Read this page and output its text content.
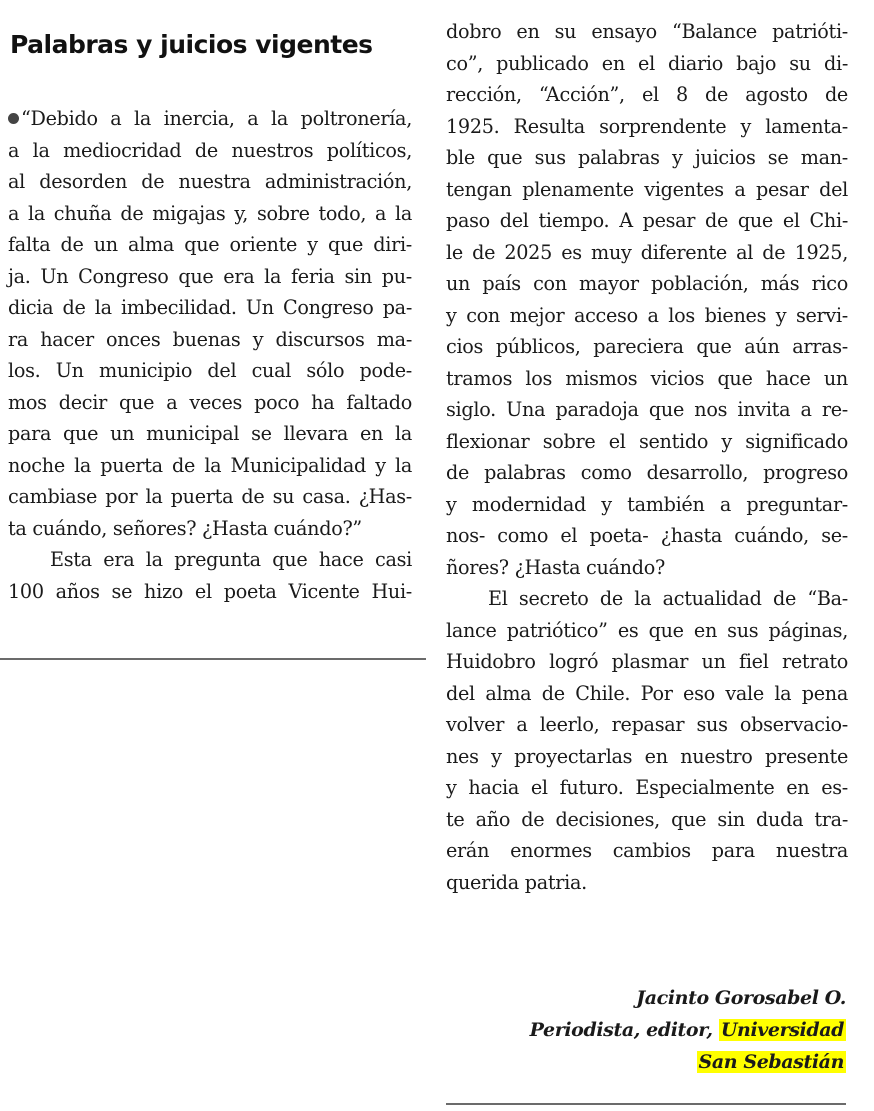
Palabras y juicios vigentes
“Debido a la inercia, a la poltronería,
a la mediocridad de nuestros políticos,
al desorden de nuestra administración,
a la chuña de migajas y, sobre todo, a la
falta de un alma que oriente y que diri-
ja. Un Congreso que era la feria sin pu-
dicia de la imbecilidad. Un Congreso pa-
ra hacer onces buenas y discursos ma-
los. Un municipio del cual sólo pode-
mos decir que a veces poco ha faltado
para que un municipal se llevara en la
noche la puerta de la Municipalidad y la
cambiase por la puerta de su casa. ¿Has-
ta cuándo, señores? ¿Hasta cuándo?”
Esta era la pregunta que hace casi
100 años se hizo el poeta Vicente Hui-
dobro en su ensayo “Balance patrióti-
co”, publicado en el diario bajo su di-
rección, “Acción”, el 8 de agosto de
1925. Resulta sorprendente y lamenta-
ble que sus palabras y juicios se man-
tengan plenamente vigentes a pesar del
paso del tiempo. A pesar de que el Chi-
le de 2025 es muy diferente al de 1925,
un país con mayor población, más rico
y con mejor acceso a los bienes y servi-
cios públicos, pareciera que aún arras-
tramos los mismos vicios que hace un
siglo. Una paradoja que nos invita a re-
flexionar sobre el sentido y significado
de palabras como desarrollo, progreso
y modernidad y también a preguntar-
nos- como el poeta- ¿hasta cuándo, se-
ñores? ¿Hasta cuándo?
El secreto de la actualidad de “Ba-
lance patriótico” es que en sus páginas,
Huidobro logró plasmar un fiel retrato
del alma de Chile. Por eso vale la pena
volver a leerlo, repasar sus observacio-
nes y proyectarlas en nuestro presente
y hacia el futuro. Especialmente en es-
te año de decisiones, que sin duda tra-
erán enormes cambios para nuestra
querida patria.
Jacinto Gorosabel O.
Periodista, editor, Universidad
San Sebastián
